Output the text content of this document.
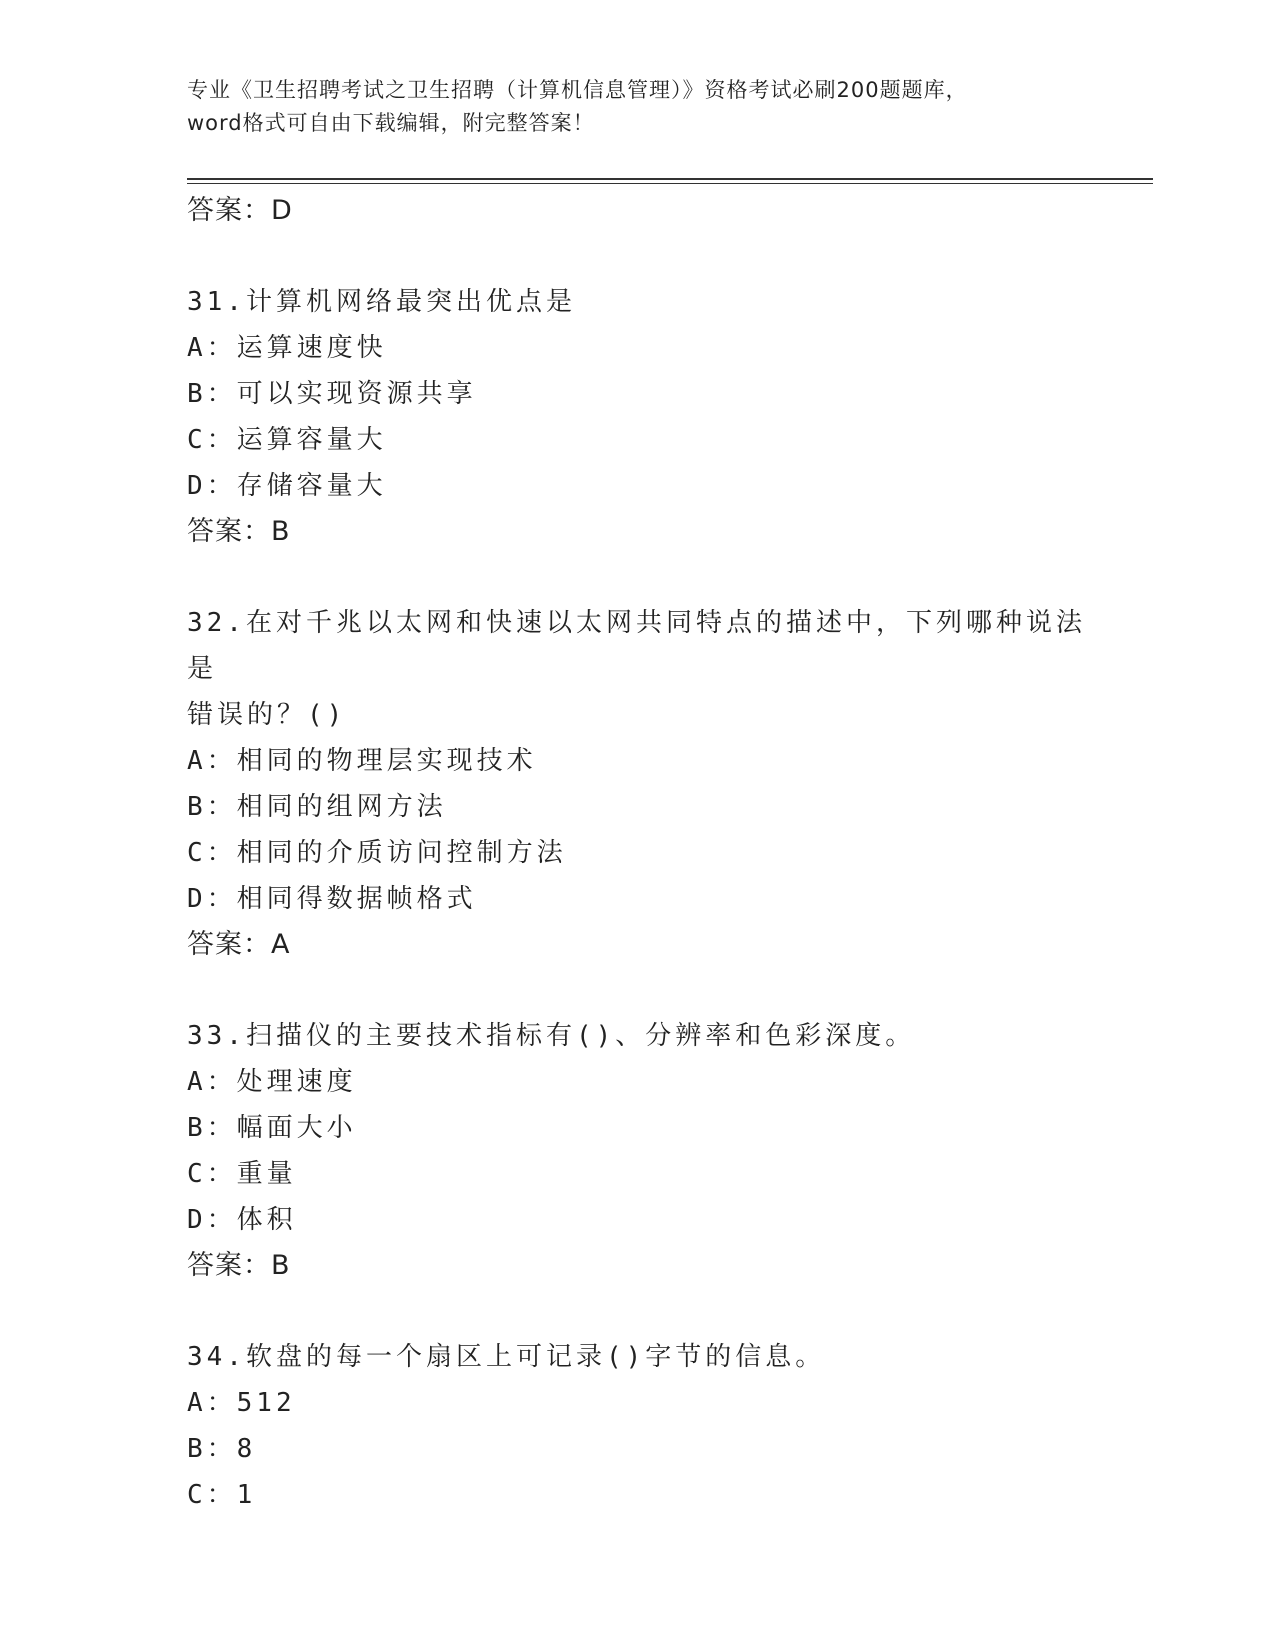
专业《卫生招聘考试之卫生招聘（计算机信息管理）》资格考试必刷200题题库，
word格式可自由下载编辑，附完整答案！
答案：D
31.计算机网络最突出优点是
A：运算速度快
B：可以实现资源共享
C：运算容量大
D：存储容量大
答案：B
32.在对千兆以太网和快速以太网共同特点的描述中，下列哪种说法是
错误的？()
A：相同的物理层实现技术
B：相同的组网方法
C：相同的介质访问控制方法
D：相同得数据帧格式
答案：A
33.扫描仪的主要技术指标有()、分辨率和色彩深度。
A：处理速度
B：幅面大小
C：重量
D：体积
答案：B
34.软盘的每一个扇区上可记录()字节的信息。
A：512
B：8
C：1
